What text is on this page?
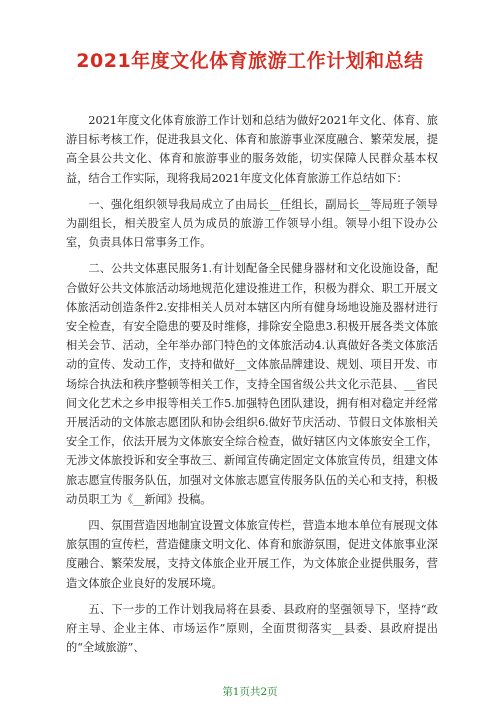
2021年度文化体育旅游工作计划和总结

2021年度文化体育旅游工作计划和总结为做好2021年文化、体育、旅游目标考核工作，促进我县文化、体育和旅游事业深度融合、繁荣发展，提高全县公共文化、体育和旅游事业的服务效能，切实保障人民群众基本权益，结合工作实际，现将我局2021年度文化体育旅游工作总结如下：

一、强化组织领导我局成立了由局长__任组长，副局长__等局班子领导为副组长，相关股室人员为成员的旅游工作领导小组。领导小组下设办公室，负责具体日常事务工作。

二、公共文体惠民服务1.有计划配备全民健身器材和文化设施设备，配合做好公共文体旅活动场地规范化建设推进工作，积极为群众、职工开展文体旅活动创造条件2.安排相关人员对本辖区内所有健身场地设施及器材进行安全检查，有安全隐患的要及时维修，排除安全隐患3.积极开展各类文体旅相关会节、活动，全年举办部门特色的文体旅活动4.认真做好各类文体旅活动的宣传、发动工作，支持和做好__文体旅品牌建设、规划、项目开发、市场综合执法和秩序整顿等相关工作，支持全国省级公共文化示范县、__省民间文化艺术之乡申报等相关工作5.加强特色团队建设，拥有相对稳定并经常开展活动的文体旅志愿团队和协会组织6.做好节庆活动、节假日文体旅相关安全工作，依法开展为文体旅安全综合检查，做好辖区内文体旅安全工作，无涉文体旅投诉和安全事故三、新闻宣传确定固定文体旅宣传员，组建文体旅志愿宣传服务队伍，加强对文体旅志愿宣传服务队伍的关心和支持，积极动员职工为《__新闻》投稿。

四、氛围营造因地制宜设置文体旅宣传栏，营造本地本单位有展现文体旅氛围的宣传栏，营造健康文明文化、体育和旅游氛围，促进文体旅事业深度融合、繁荣发展，支持文体旅企业开展工作，为文体旅企业提供服务，营造文体旅企业良好的发展环境。

五、下一步的工作计划我局将在县委、县政府的坚强领导下，坚持“政府主导、企业主体、市场运作”原则，全面贯彻落实__县委、县政府提出的“全域旅游”、

第1页共2页
